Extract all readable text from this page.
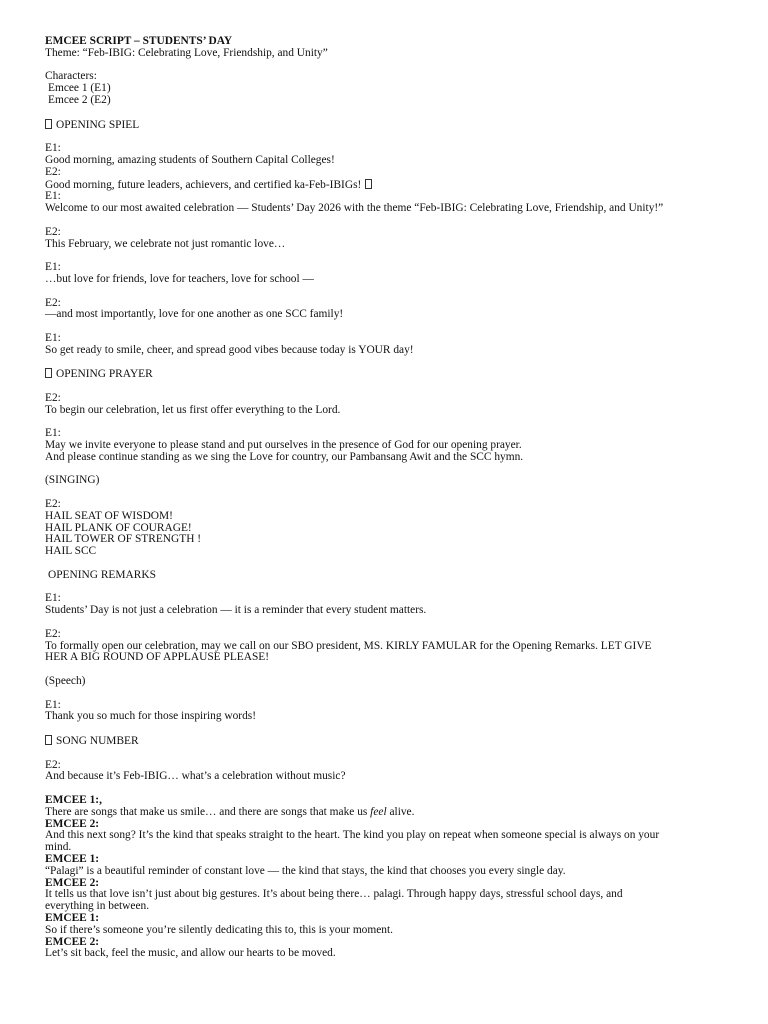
EMCEE SCRIPT – STUDENTS’ DAY
Theme: “Feb-IBIG: Celebrating Love, Friendship, and Unity”
Characters:
Emcee 1 (E1)
Emcee 2 (E2)
OPENING SPIEL
E1:
Good morning, amazing students of Southern Capital Colleges!
E2:
Good morning, future leaders, achievers, and certified ka-Feb-IBIGs!
E1:
Welcome to our most awaited celebration — Students’ Day 2026 with the theme “Feb-IBIG: Celebrating Love, Friendship, and Unity!”
E2:
This February, we celebrate not just romantic love…
E1:
…but love for friends, love for teachers, love for school —
E2:
—and most importantly, love for one another as one SCC family!
E1:
So get ready to smile, cheer, and spread good vibes because today is YOUR day!
OPENING PRAYER
E2:
To begin our celebration, let us first offer everything to the Lord.
E1:
May we invite everyone to please stand and put ourselves in the presence of God for our opening prayer.
And please continue standing as we sing the Love for country, our Pambansang Awit and the SCC hymn.
(SINGING)
E2:
HAIL SEAT OF WISDOM!
HAIL PLANK OF COURAGE!
HAIL TOWER OF STRENGTH !
HAIL SCC
OPENING REMARKS
E1:
Students’ Day is not just a celebration — it is a reminder that every student matters.
E2:
To formally open our celebration, may we call on our SBO president, MS. KIRLY FAMULAR for the Opening Remarks. LET GIVE
HER A BIG ROUND OF APPLAUSE PLEASE!
(Speech)
E1:
Thank you so much for those inspiring words!
SONG NUMBER
E2:
And because it’s Feb-IBIG… what’s a celebration without music?
EMCEE 1:,
There are songs that make us smile… and there are songs that make us feel alive.
EMCEE 2:
And this next song? It’s the kind that speaks straight to the heart. The kind you play on repeat when someone special is always on your
mind.
EMCEE 1:
“Palagi” is a beautiful reminder of constant love — the kind that stays, the kind that chooses you every single day.
EMCEE 2:
It tells us that love isn’t just about big gestures. It’s about being there… palagi. Through happy days, stressful school days, and
everything in between.
EMCEE 1:
So if there’s someone you’re silently dedicating this to, this is your moment.
EMCEE 2:
Let’s sit back, feel the music, and allow our hearts to be moved.
